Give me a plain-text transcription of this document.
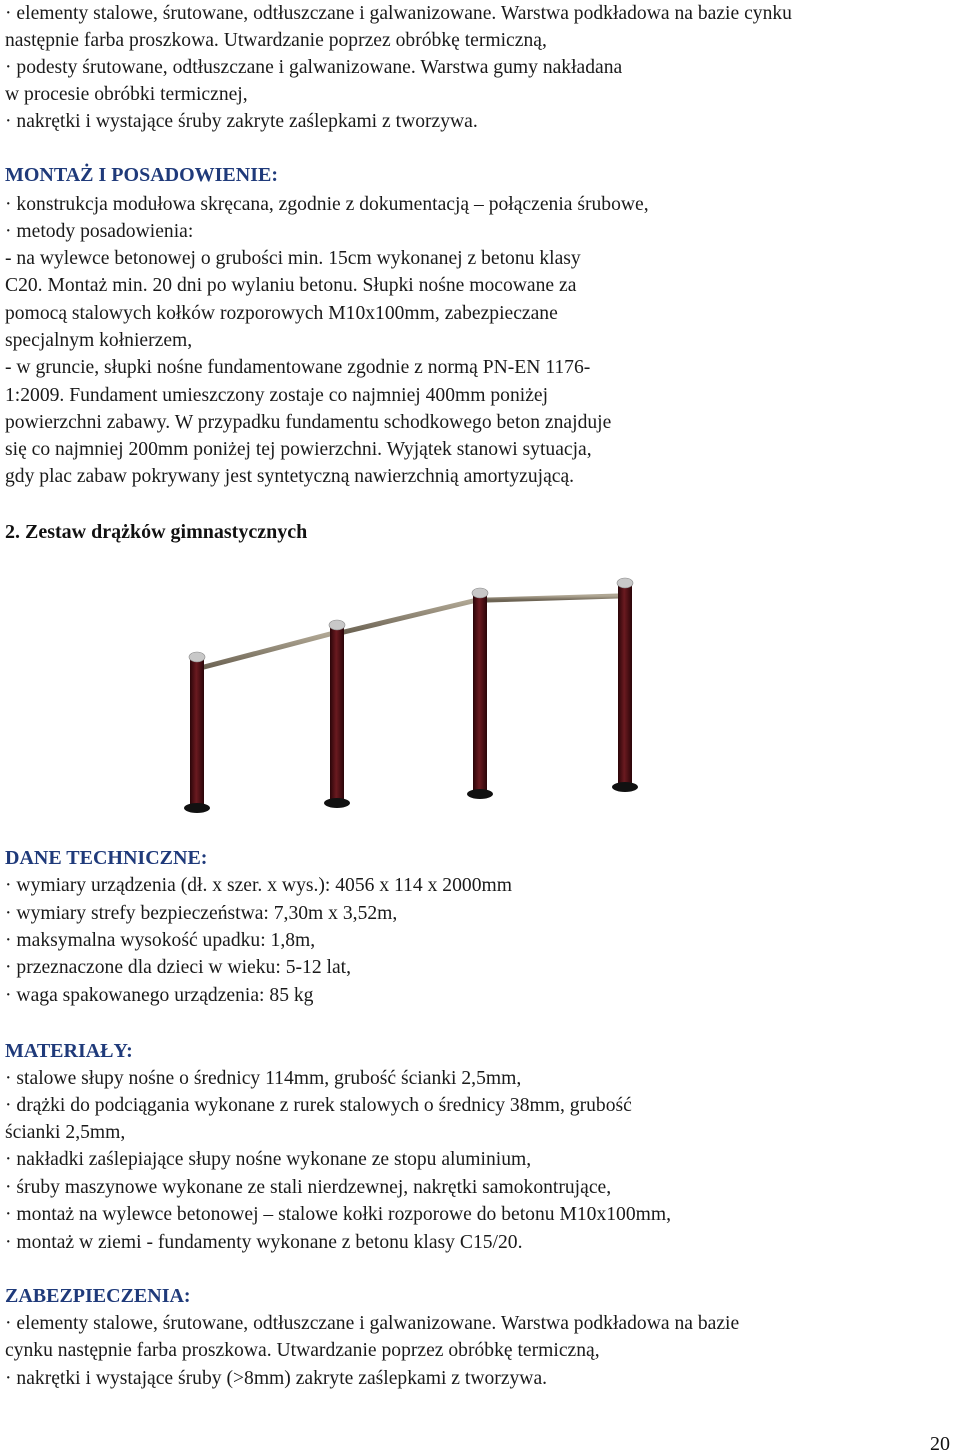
· elementy stalowe, śrutowane, odtłuszczane i galwanizowane. Warstwa podkładowa na bazie cynku
następnie farba proszkowa. Utwardzanie poprzez obróbkę termiczną,
· podesty śrutowane, odtłuszczane i galwanizowane. Warstwa gumy nakładana
w procesie obróbki termicznej,
· nakrętki i wystające śruby zakryte zaślepkami z tworzywa.
MONTAŻ I POSADOWIENIE:
· konstrukcja modułowa skręcana, zgodnie z dokumentacją – połączenia śrubowe,
· metody posadowienia:
- na wylewce betonowej o grubości min. 15cm wykonanej z betonu klasy
C20. Montaż min. 20 dni po wylaniu betonu. Słupki nośne mocowane za
pomocą stalowych kołków rozporowych M10x100mm, zabezpieczane
specjalnym kołnierzem,
- w gruncie, słupki nośne fundamentowane zgodnie z normą PN-EN 1176-
1:2009. Fundament umieszczony zostaje co najmniej 400mm poniżej
powierzchni zabawy. W przypadku fundamentu schodkowego beton znajduje
się co najmniej 200mm poniżej tej powierzchni. Wyjątek stanowi sytuacja,
gdy plac zabaw pokrywany jest syntetyczną nawierzchnią amortyzującą.
2. Zestaw drążków gimnastycznych
DANE TECHNICZNE:
· wymiary urządzenia (dł. x szer. x wys.): 4056 x 114 x 2000mm
· wymiary strefy bezpieczeństwa: 7,30m x 3,52m,
· maksymalna wysokość upadku: 1,8m,
· przeznaczone dla dzieci w wieku: 5-12 lat,
· waga spakowanego urządzenia: 85 kg
MATERIAŁY:
· stalowe słupy nośne o średnicy 114mm, grubość ścianki 2,5mm,
· drążki do podciągania wykonane z rurek stalowych o średnicy 38mm, grubość
ścianki 2,5mm,
· nakładki zaślepiające słupy nośne wykonane ze stopu aluminium,
· śruby maszynowe wykonane ze stali nierdzewnej, nakrętki samokontrujące,
· montaż na wylewce betonowej – stalowe kołki rozporowe do betonu M10x100mm,
· montaż w ziemi - fundamenty wykonane z betonu klasy C15/20.
ZABEZPIECZENIA:
· elementy stalowe, śrutowane, odtłuszczane i galwanizowane. Warstwa podkładowa na bazie
cynku następnie farba proszkowa. Utwardzanie poprzez obróbkę termiczną,
· nakrętki i wystające śruby (>8mm) zakryte zaślepkami z tworzywa.
20
